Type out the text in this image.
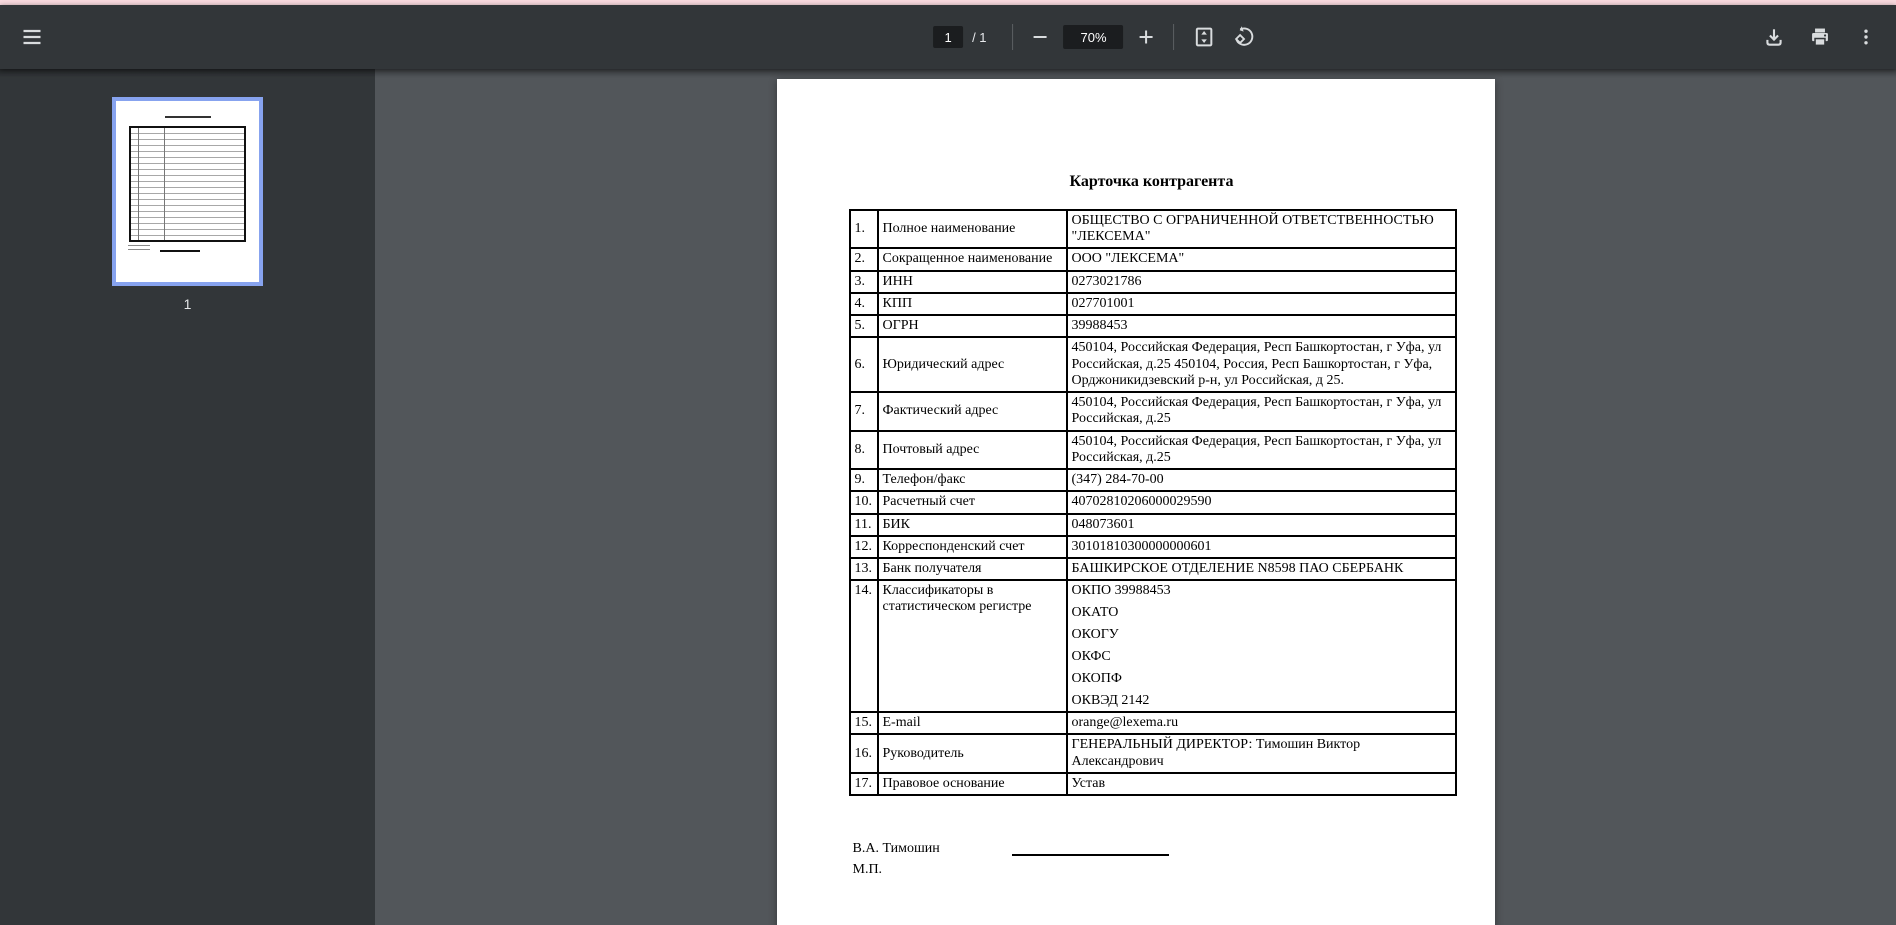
1
/ 1	70%
1
Карточка контрагента
1.	Полное наименование	ОБЩЕСТВО С ОГРАНИЧЕННОЙ ОТВЕТСТВЕННОСТЬЮ "ЛЕКСЕМА"
2.	Сокращенное наименование	ООО "ЛЕКСЕМА"
3.	ИНН	0273021786
4.	КПП	027701001
5.	ОГРН	39988453
6.	Юридический адрес	450104, Российская Федерация, Респ Башкортостан, г Уфа, ул Российская, д.25 450104, Россия, Респ Башкортостан, г Уфа, Орджоникидзевский р-н, ул Российская, д 25.
7.	Фактический адрес	450104, Российская Федерация, Респ Башкортостан, г Уфа, ул Российская, д.25
8.	Почтовый адрес	450104, Российская Федерация, Респ Башкортостан, г Уфа, ул Российская, д.25
9.	Телефон/факс	(347) 284-70-00
10.	Расчетный счет	40702810206000029590
11.	БИК	048073601
12.	Корреспонденский счет	30101810300000000601
13.	Банк получателя	БАШКИРСКОЕ ОТДЕЛЕНИЕ N8598 ПАО СБЕРБАНК
14.	Классификаторы в статистическом регистре	
ОКПО 39988453
ОКАТО
ОКОГУ
ОКФС
ОКОПФ
ОКВЭД 2142

15.	E-mail	orange@lexema.ru
16.	Руководитель	ГЕНЕРАЛЬНЫЙ ДИРЕКТОР: Тимошин Виктор Александрович
17.	Правовое основание	Устав
В.А. Тимошин
М.П.
